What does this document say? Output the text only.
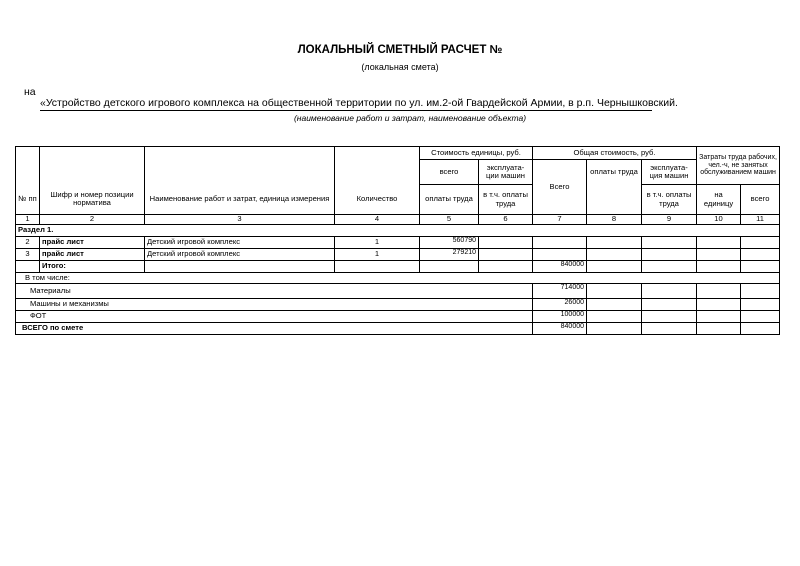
ЛОКАЛЬНЫЙ СМЕТНЫЙ РАСЧЕТ №
(локальная смета)
на
«Устройство детского игрового комплекса на общественной территории по ул. им.2-ой Гвардейской Армии, в р.п. Чернышковский.
(наименование работ и затрат, наименование объекта)
				Стоимость единицы, руб.		Общая стоимость, руб.			Затраты труда рабочих, чел.-ч, не занятых обслуживанием машин	
				всего	эксплуата-ции машин	Всего	оплаты труда	эксплуата-ция машин		
№ пп	Шифр и номер позиции норматива	Наименование работ и затрат, единица измерения	Количество	оплаты труда	в т.ч. оплаты труда			в т.ч. оплаты труда	на единицу	всего
1	2	3	4	5	6	7	8	9	10	11
Раздел 1.										
2	прайс лист	Детский игровой комплекс	1	560790						
3	прайс лист	Детский игровой комплекс	1	279210						
	Итого:					840000				
В том числе:										
Материалы						714000				
Машины и механизмы						26000				
ФОТ						100000				
ВСЕГО по смете						840000				
